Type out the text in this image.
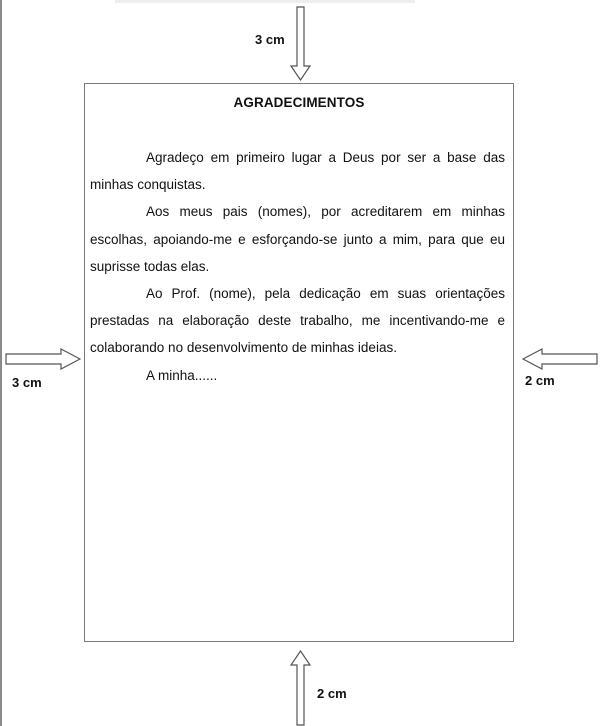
3 cm
3 cm	2 cm
2 cm
AGRADECIMENTOS

Agradeço em primeiro lugar a Deus por ser a base das minhas conquistas.

Aos meus pais (nomes), por acreditarem em minhas escolhas, apoiando-me e esforçando-se junto a mim, para que eu suprisse todas elas.

Ao Prof. (nome), pela dedicação em suas orientações prestadas na elaboração deste trabalho, me incentivando-me e colaborando no desenvolvimento de minhas ideias.

A minha......
